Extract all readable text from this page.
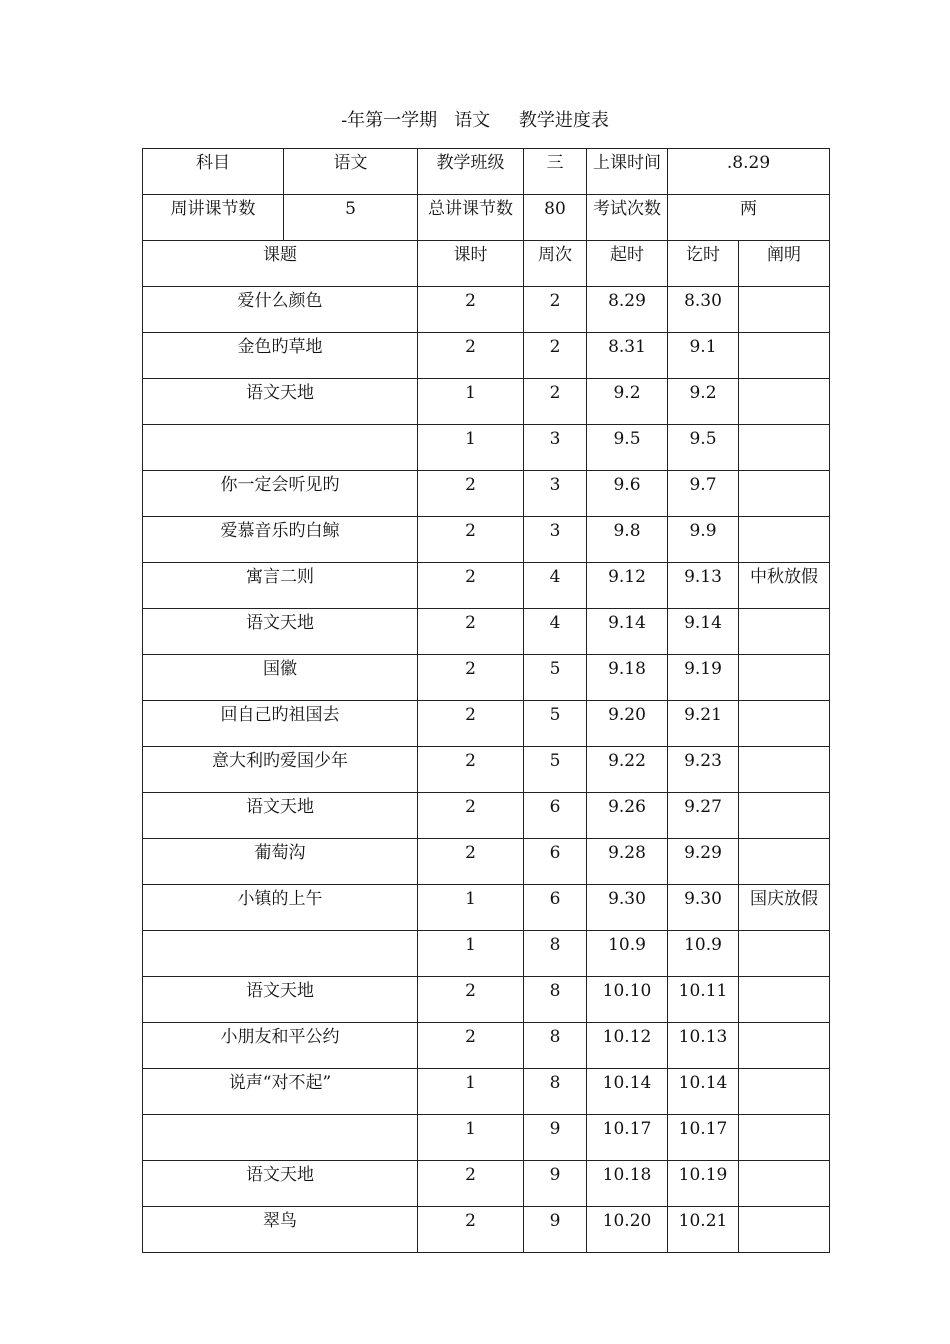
-年第一学期   语文     教学进度表
科目	语文	教学班级	三	上课时间	.8.29	
周讲课节数	5	总讲课节数	80	考试次数	两	
课题		课时	周次	起时	讫时	阐明
爱什么颜色		2	2	8.29	8.30	
金色旳草地		2	2	8.31	9.1	
语文天地		1	2	9.2	9.2	
		1	3	9.5	9.5	
你一定会听见旳		2	3	9.6	9.7	
爱慕音乐旳白鲸		2	3	9.8	9.9	
寓言二则		2	4	9.12	9.13	中秋放假
语文天地		2	4	9.14	9.14	
国徽		2	5	9.18	9.19	
回自己旳祖国去		2	5	9.20	9.21	
意大利旳爱国少年		2	5	9.22	9.23	
语文天地		2	6	9.26	9.27	
葡萄沟		2	6	9.28	9.29	
小镇的上午		1	6	9.30	9.30	国庆放假
		1	8	10.9	10.9	
语文天地		2	8	10.10	10.11	
小朋友和平公约		2	8	10.12	10.13	
说声“对不起”		1	8	10.14	10.14	
		1	9	10.17	10.17	
语文天地		2	9	10.18	10.19	
翠鸟		2	9	10.20	10.21	
